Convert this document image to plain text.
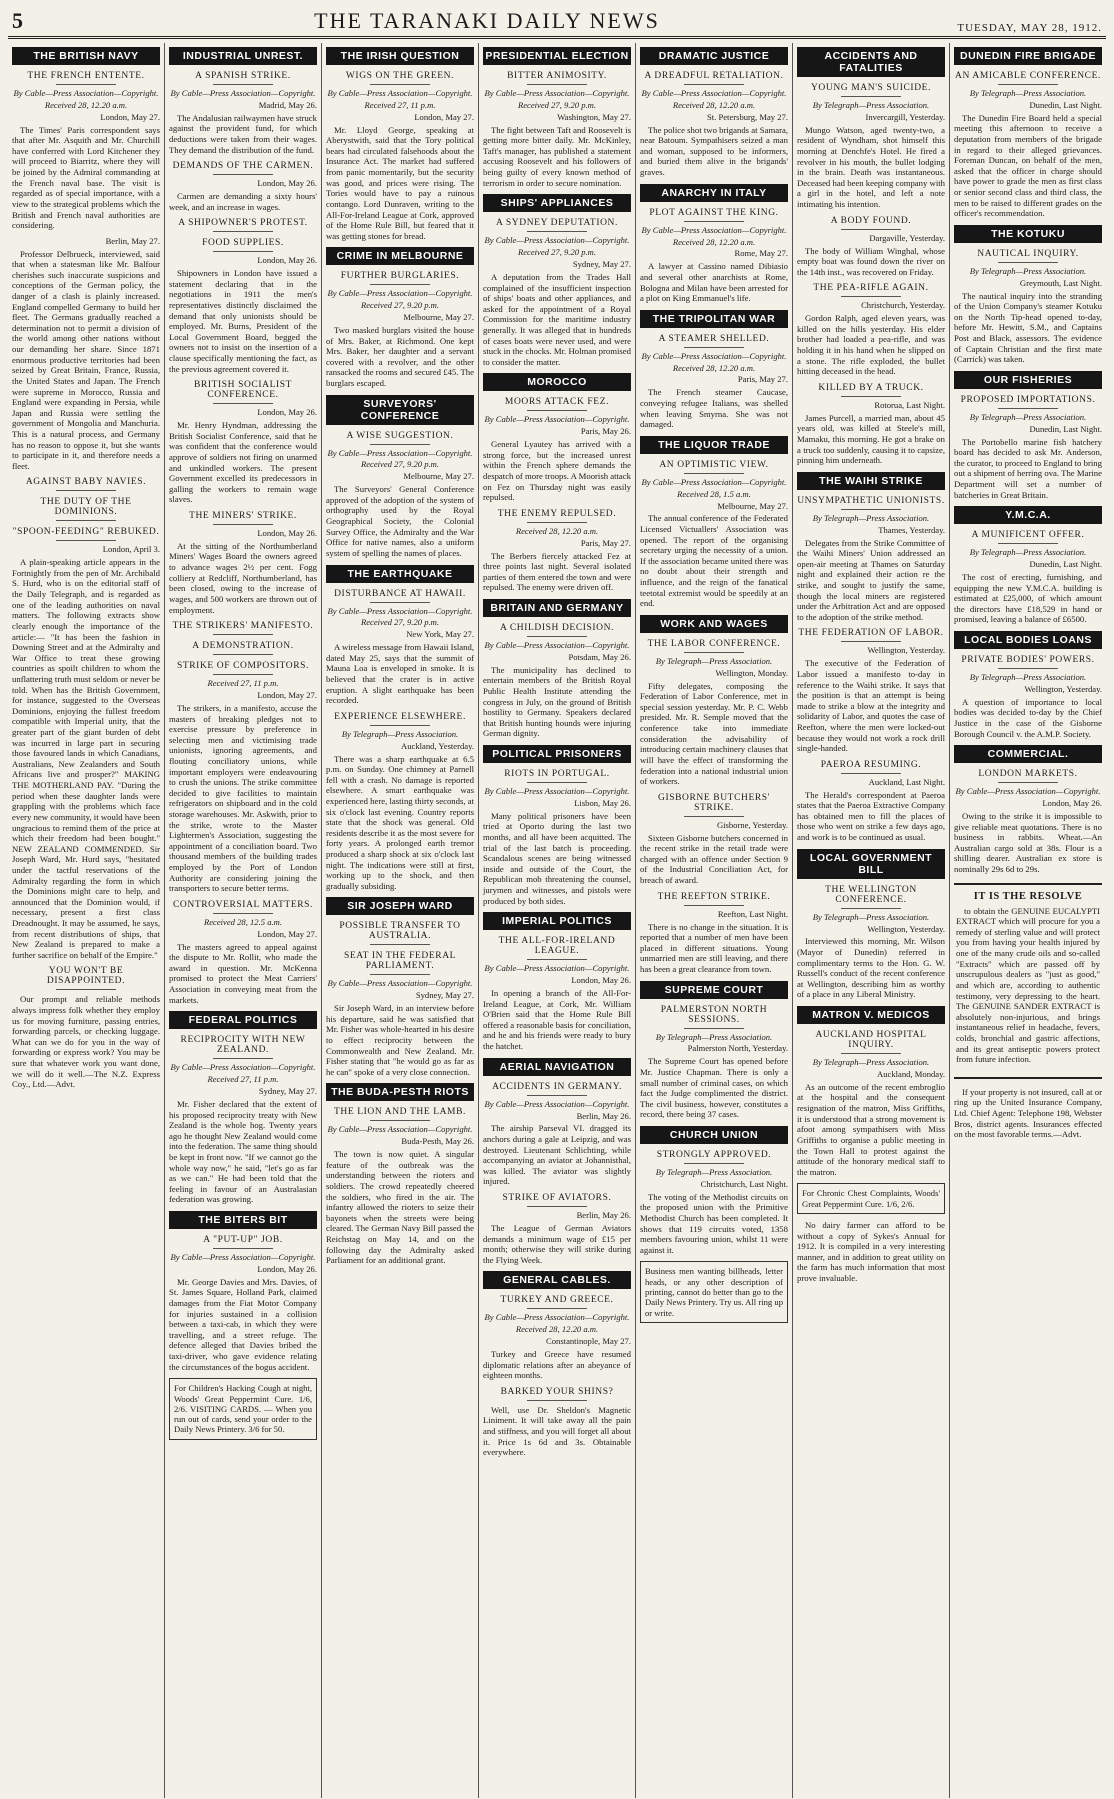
5	THE TARANAKI DAILY NEWS	TUESDAY, MAY 28, 1912.
THE BRITISH NAVY
THE FRENCH ENTENTE.
By Cable—Press Association—Copyright.
Received 28, 12.20 a.m.
London, May 27.
The Times' Paris correspondent says that after Mr. Asquith and Mr. Churchill have conferred with Lord Kitchener they will proceed to Biarritz, where they will be joined by the Admiral commanding at the French naval base. The visit is regarded as of special importance, with a view to the strategical problems which the British and French naval authorities are considering.
Berlin, May 27.
Professor Delbrueck, interviewed, said that when a statesman like Mr. Balfour cherishes such inaccurate suspicions and conceptions of the German policy, the danger of a clash is plainly increased. England compelled Germany to build her fleet. The Germans gradually reached a determination not to permit a division of the world among other nations without our demanding her share. Since 1871 enormous productive territories had been seized by Great Britain, France, Russia, the United States and Japan. The French were supreme in Morocco, Russia and England were expanding in Persia, while Japan and Russia were settling the government of Mongolia and Manchuria. This is a natural process, and Germany has no reason to oppose it, but she wants to participate in it, and therefore needs a fleet.
AGAINST BABY NAVIES.
THE DUTY OF THE DOMINIONS.
"SPOON-FEEDING" REBUKED.
London, April 3.
A plain-speaking article appears in the Fortnightly from the pen of Mr. Archibald S. Hurd, who is on the editorial staff of the Daily Telegraph, and is regarded as one of the leading authorities on naval matters. The following extracts show clearly enough the importance of the article:— "It has been the fashion in Downing Street and at the Admiralty and War Office to treat these growing countries as spoilt children to whom the unflattering truth must seldom or never be told. When has the British Government, for instance, suggested to the Overseas Dominions, enjoying the fullest freedom compatible with Imperial unity, that the greater part of the giant burden of debt was incurred in large part in securing those favoured lands in which Canadians, Australians, New Zealanders and South Africans live and prosper?" MAKING THE MOTHERLAND PAY. "During the period when these daughter lands were grappling with the problems which face every new community, it would have been ungracious to remind them of the price at which their freedom had been bought." NEW ZEALAND COMMENDED. Sir Joseph Ward, Mr. Hurd says, "hesitated under the tactful reservations of the Admiralty regarding the form in which the Dominions might care to help, and announced that the Dominion would, if necessary, present a first class Dreadnought. It may be assumed, he says, from recent distributions of ships, that New Zealand is prepared to make a further sacrifice on behalf of the Empire."
YOU WON'T BE DISAPPOINTED.
Our prompt and reliable methods always impress folk whether they employ us for moving furniture, passing entries, forwarding parcels, or checking luggage. What can we do for you in the way of forwarding or express work? You may be sure that whatever work you want done, we will do it well.—The N.Z. Express Coy., Ltd.—Advt.
INDUSTRIAL UNREST.
A SPANISH STRIKE.
By Cable—Press Association—Copyright.
Madrid, May 26.
The Andalusian railwaymen have struck against the provident fund, for which deductions were taken from their wages. They demand the distribution of the fund.
DEMANDS OF THE CARMEN.
London, May 26.
Carmen are demanding a sixty hours' week, and an increase in wages.
A SHIPOWNER'S PROTEST.
FOOD SUPPLIES.
London, May 26.
Shipowners in London have issued a statement declaring that in the negotiations in 1911 the men's representatives distinctly disclaimed the demand that only unionists should be employed. Mr. Burns, President of the Local Government Board, begged the owners not to insist on the insertion of a clause specifically mentioning the fact, as the previous agreement covered it.
BRITISH SOCIALIST CONFERENCE.
London, May 26.
Mr. Henry Hyndman, addressing the British Socialist Conference, said that he was confident that the conference would approve of soldiers not firing on unarmed and unkindled workers. The present Government excelled its predecessors in galling the workers to remain wage slaves.
THE MINERS' STRIKE.
London, May 26.
At the sitting of the Northumberland Miners' Wages Board the owners agreed to advance wages 2½ per cent. Fogg colliery at Redcliff, Northumberland, has been closed, owing to the increase of wages, and 500 workers are thrown out of employment.
THE STRIKERS' MANIFESTO.
A DEMONSTRATION.
STRIKE OF COMPOSITORS.
Received 27, 11 p.m.
London, May 27.
The strikers, in a manifesto, accuse the masters of breaking pledges not to exercise pressure by preference in selecting men and victimising trade unionists, ignoring agreements, and flouting conciliatory unions, while important employers were endeavouring to crush the unions. The strike committee decided to give facilities to maintain refrigerators on shipboard and in the cold storage warehouses. Mr. Askwith, prior to the strike, wrote to the Master Lightermen's Association, suggesting the appointment of a conciliation board. Two thousand members of the building trades employed by the Port of London Authority are considering joining the transporters to secure better terms.
CONTROVERSIAL MATTERS.
Received 28, 12.5 a.m.
London, May 27.
The masters agreed to appeal against the dispute to Mr. Rollit, who made the award in question. Mr. McKenna promised to protect the Meat Carriers' Association in conveying meat from the markets.
FEDERAL POLITICS
RECIPROCITY WITH NEW ZEALAND.
By Cable—Press Association—Copyright.
Received 27, 11 p.m.
Sydney, May 27.
Mr. Fisher declared that the extent of his proposed reciprocity treaty with New Zealand is the whole hog. Twenty years ago he thought New Zealand would come into the federation. The same thing should be kept in front now. "If we cannot go the whole way now," he said, "let's go as far as we can." He had been told that the feeling in favour of an Australasian federation was growing.
THE BITERS BIT
A "PUT-UP" JOB.
By Cable—Press Association—Copyright.
London, May 26.
Mr. George Davies and Mrs. Davies, of St. James Square, Holland Park, claimed damages from the Fiat Motor Company for injuries sustained in a collision between a taxi-cab, in which they were travelling, and a street refuge. The defence alleged that Davies bribed the taxi-driver, who gave evidence relating the circumstances of the bogus accident.
For Children's Hacking Cough at night, Woods' Great Peppermint Cure. 1/6, 2/6. VISITING CARDS. — When you run out of cards, send your order to the Daily News Printery. 3/6 for 50.
THE IRISH QUESTION
WIGS ON THE GREEN.
By Cable—Press Association—Copyright.
Received 27, 11 p.m.
London, May 27.
Mr. Lloyd George, speaking at Aberystwith, said that the Tory political bears had circulated falsehoods about the Insurance Act. The market had suffered from panic momentarily, but the security was good, and prices were rising. The Tories would have to pay a ruinous contango. Lord Dunraven, writing to the All-For-Ireland League at Cork, approved of the Home Rule Bill, but feared that it was getting stones for bread.
CRIME IN MELBOURNE
FURTHER BURGLARIES.
By Cable—Press Association—Copyright.
Received 27, 9.20 p.m.
Melbourne, May 27.
Two masked burglars visited the house of Mrs. Baker, at Richmond. One kept Mrs. Baker, her daughter and a servant covered with a revolver, and the other ransacked the rooms and secured £45. The burglars escaped.
SURVEYORS' CONFERENCE
A WISE SUGGESTION.
By Cable—Press Association—Copyright.
Received 27, 9.20 p.m.
Melbourne, May 27.
The Surveyors' General Conference approved of the adoption of the system of orthography used by the Royal Geographical Society, the Colonial Survey Office, the Admiralty and the War Office for native names, also a uniform system of spelling the names of places.
THE EARTHQUAKE
DISTURBANCE AT HAWAII.
By Cable—Press Association—Copyright.
Received 27, 9.20 p.m.
New York, May 27.
A wireless message from Hawaii Island, dated May 25, says that the summit of Mauna Loa is enveloped in smoke. It is believed that the crater is in active eruption. A slight earthquake has been recorded.
EXPERIENCE ELSEWHERE.
By Telegraph—Press Association.
Auckland, Yesterday.
There was a sharp earthquake at 6.5 p.m. on Sunday. One chimney at Parnell fell with a crash. No damage is reported elsewhere. A smart earthquake was experienced here, lasting thirty seconds, at six o'clock last evening. Country reports state that the shock was general. Old residents describe it as the most severe for forty years. A prolonged earth tremor produced a sharp shock at six o'clock last night. The indications were still at first, working up to the shock, and then gradually subsiding.
SIR JOSEPH WARD
POSSIBLE TRANSFER TO AUSTRALIA.
SEAT IN THE FEDERAL PARLIAMENT.
By Cable—Press Association—Copyright.
Sydney, May 27.
Sir Joseph Ward, in an interview before his departure, said he was satisfied that Mr. Fisher was whole-hearted in his desire to effect reciprocity between the Commonwealth and New Zealand. Mr. Fisher stating that "he would go as far as he can" spoke of a very close connection.
THE BUDA-PESTH RIOTS
THE LION AND THE LAMB.
By Cable—Press Association—Copyright.
Buda-Pesth, May 26.
The town is now quiet. A singular feature of the outbreak was the understanding between the rioters and soldiers. The crowd repeatedly cheered the soldiers, who fired in the air. The infantry allowed the rioters to seize their bayonets when the streets were being cleared. The German Navy Bill passed the Reichstag on May 14, and on the following day the Admiralty asked Parliament for an additional grant.
PRESIDENTIAL ELECTION
BITTER ANIMOSITY.
By Cable—Press Association—Copyright.
Received 27, 9.20 p.m.
Washington, May 27.
The fight between Taft and Roosevelt is getting more bitter daily. Mr. McKinley, Taft's manager, has published a statement accusing Roosevelt and his followers of being guilty of every known method of terrorism in order to secure nomination.
SHIPS' APPLIANCES
A SYDNEY DEPUTATION.
By Cable—Press Association—Copyright.
Received 27, 9.20 p.m.
Sydney, May 27.
A deputation from the Trades Hall complained of the insufficient inspection of ships' boats and other appliances, and asked for the appointment of a Royal Commission for the maritime industry generally. It was alleged that in hundreds of cases boats were never used, and were stuck in the chocks. Mr. Holman promised to consider the matter.
MOROCCO
MOORS ATTACK FEZ.
By Cable—Press Association—Copyright.
Paris, May 26.
General Lyautey has arrived with a strong force, but the increased unrest within the French sphere demands the despatch of more troops. A Moorish attack on Fez on Thursday night was easily repulsed.
THE ENEMY REPULSED.
Received 28, 12.20 a.m.
Paris, May 27.
The Berbers fiercely attacked Fez at three points last night. Several isolated parties of them entered the town and were repulsed. The enemy were driven off.
BRITAIN AND GERMANY
A CHILDISH DECISION.
By Cable—Press Association—Copyright.
Potsdam, May 26.
The municipality has declined to entertain members of the British Royal Public Health Institute attending the congress in July, on the ground of British hostility to Germany. Speakers declared that British hunting hounds were injuring German dignity.
POLITICAL PRISONERS
RIOTS IN PORTUGAL.
By Cable—Press Association—Copyright.
Lisbon, May 26.
Many political prisoners have been tried at Oporto during the last two months, and all have been acquitted. The trial of the last batch is proceeding. Scandalous scenes are being witnessed inside and outside of the Court, the Republican mob threatening the counsel, jurymen and witnesses, and pistols were produced by both sides.
IMPERIAL POLITICS
THE ALL-FOR-IRELAND LEAGUE.
By Cable—Press Association—Copyright.
London, May 26.
In opening a branch of the All-For-Ireland League, at Cork, Mr. William O'Brien said that the Home Rule Bill offered a reasonable basis for conciliation, and he and his friends were ready to bury the hatchet.
AERIAL NAVIGATION
ACCIDENTS IN GERMANY.
By Cable—Press Association—Copyright.
Berlin, May 26.
The airship Parseval VI. dragged its anchors during a gale at Leipzig, and was destroyed. Lieutenant Schlichting, while accompanying an aviator at Johannisthal, was killed. The aviator was slightly injured.
STRIKE OF AVIATORS.
Berlin, May 26.
The League of German Aviators demands a minimum wage of £15 per month; otherwise they will strike during the Flying Week.
GENERAL CABLES.
TURKEY AND GREECE.
By Cable—Press Association—Copyright.
Received 28, 12.20 a.m.
Constantinople, May 27.
Turkey and Greece have resumed diplomatic relations after an abeyance of eighteen months.
BARKED YOUR SHINS?
Well, use Dr. Sheldon's Magnetic Liniment. It will take away all the pain and stiffness, and you will forget all about it. Price 1s 6d and 3s. Obtainable everywhere.
DRAMATIC JUSTICE
A DREADFUL RETALIATION.
By Cable—Press Association—Copyright.
Received 28, 12.20 a.m.
St. Petersburg, May 27.
The police shot two brigands at Samara, near Batoum. Sympathisers seized a man and woman, supposed to be informers, and buried them alive in the brigands' graves.
ANARCHY IN ITALY
PLOT AGAINST THE KING.
By Cable—Press Association—Copyright.
Received 28, 12.20 a.m.
Rome, May 27.
A lawyer at Cassino named Dibiasio and several other anarchists at Rome, Bologna and Milan have been arrested for a plot on King Emmanuel's life.
THE TRIPOLITAN WAR
A STEAMER SHELLED.
By Cable—Press Association—Copyright.
Received 28, 12.20 a.m.
Paris, May 27.
The French steamer Caucase, conveying refugee Italians, was shelled when leaving Smyrna. She was not damaged.
THE LIQUOR TRADE
AN OPTIMISTIC VIEW.
By Cable—Press Association—Copyright.
Received 28, 1.5 a.m.
Melbourne, May 27.
The annual conference of the Federated Licensed Victuallers' Association was opened. The report of the organising secretary urging the necessity of a union. If the association became united there was no doubt about their strength and influence, and the reign of the fanatical teetotal extremist would be speedily at an end.
WORK AND WAGES
THE LABOR CONFERENCE.
By Telegraph—Press Association.
Wellington, Monday.
Fifty delegates, composing the Federation of Labor Conference, met in special session yesterday. Mr. P. C. Webb presided. Mr. R. Semple moved that the conference take into immediate consideration the advisability of introducing certain machinery clauses that will have the effect of transforming the federation into a national industrial union of workers.
GISBORNE BUTCHERS' STRIKE.
Gisborne, Yesterday.
Sixteen Gisborne butchers concerned in the recent strike in the retail trade were charged with an offence under Section 9 of the Industrial Conciliation Act, for breach of award.
THE REEFTON STRIKE.
Reefton, Last Night.
There is no change in the situation. It is reported that a number of men have been placed in different situations. Young unmarried men are still leaving, and there has been a great clearance from town.
SUPREME COURT
PALMERSTON NORTH SESSIONS.
By Telegraph—Press Association.
Palmerston North, Yesterday.
The Supreme Court has opened before Mr. Justice Chapman. There is only a small number of criminal cases, on which fact the Judge complimented the district. The civil business, however, constitutes a record, there being 37 cases.
CHURCH UNION
STRONGLY APPROVED.
By Telegraph—Press Association.
Christchurch, Last Night.
The voting of the Methodist circuits on the proposed union with the Primitive Methodist Church has been completed. It shows that 119 circuits voted, 1358 members favouring union, whilst 11 were against it.
Business men wanting billheads, letter heads, or any other description of printing, cannot do better than go to the Daily News Printery. Try us. All ring up or write.
ACCIDENTS AND FATALITIES
YOUNG MAN'S SUICIDE.
By Telegraph—Press Association.
Invercargill, Yesterday.
Mungo Watson, aged twenty-two, a resident of Wyndham, shot himself this morning at Denchfe's Hotel. He fired a revolver in his mouth, the bullet lodging in the brain. Death was instantaneous. Deceased had been keeping company with a girl in the hotel, and left a note intimating his intention.
A BODY FOUND.
Dargaville, Yesterday.
The body of William Winghal, whose empty boat was found down the river on the 14th inst., was recovered on Friday.
THE PEA-RIFLE AGAIN.
Christchurch, Yesterday.
Gordon Ralph, aged eleven years, was killed on the hills yesterday. His elder brother had loaded a pea-rifle, and was holding it in his hand when he slipped on a stone. The rifle exploded, the bullet hitting deceased in the head.
KILLED BY A TRUCK.
Rotorua, Last Night.
James Purcell, a married man, about 45 years old, was killed at Steele's mill, Mamaku, this morning. He got a brake on a truck too suddenly, causing it to capsize, pinning him underneath.
THE WAIHI STRIKE
UNSYMPATHETIC UNIONISTS.
By Telegraph—Press Association.
Thames, Yesterday.
Delegates from the Strike Committee of the Waihi Miners' Union addressed an open-air meeting at Thames on Saturday night and explained their action re the strike, and sought to justify the same, though the local miners are registered under the Arbitration Act and are opposed to the adoption of the strike method.
THE FEDERATION OF LABOR.
Wellington, Yesterday.
The executive of the Federation of Labor issued a manifesto to-day in reference to the Waihi strike. It says that the position is that an attempt is being made to strike a blow at the integrity and solidarity of Labor, and quotes the case of Reefton, where the men were locked-out because they would not work a rock drill single-handed.
PAEROA RESUMING.
Auckland, Last Night.
The Herald's correspondent at Paeroa states that the Paeroa Extractive Company has obtained men to fill the places of those who went on strike a few days ago, and work is to be continued as usual.
LOCAL GOVERNMENT BILL
THE WELLINGTON CONFERENCE.
By Telegraph—Press Association.
Wellington, Yesterday.
Interviewed this morning, Mr. Wilson (Mayor of Dunedin) referred in complimentary terms to the Hon. G. W. Russell's conduct of the recent conference at Wellington, describing him as worthy of a place in any Liberal Ministry.
MATRON V. MEDICOS
AUCKLAND HOSPITAL INQUIRY.
By Telegraph—Press Association.
Auckland, Monday.
As an outcome of the recent embroglio at the hospital and the consequent resignation of the matron, Miss Griffiths, it is understood that a strong movement is afoot among sympathisers with Miss Griffiths to organise a public meeting in the Town Hall to protest against the attitude of the honorary medical staff to the matron.
For Chronic Chest Complaints, Woods' Great Peppermint Cure. 1/6, 2/6.
No dairy farmer can afford to be without a copy of Sykes's Annual for 1912. It is compiled in a very interesting manner, and in addition to great utility on the farm has much information that most prove invaluable.
DUNEDIN FIRE BRIGADE
AN AMICABLE CONFERENCE.
By Telegraph—Press Association.
Dunedin, Last Night.
The Dunedin Fire Board held a special meeting this afternoon to receive a deputation from members of the brigade in regard to their alleged grievances. Foreman Duncan, on behalf of the men, asked that the officer in charge should have power to grade the men as first class or senior second class and third class, the men to be raised to different grades on the officer's recommendation.
THE KOTUKU
NAUTICAL INQUIRY.
By Telegraph—Press Association.
Greymouth, Last Night.
The nautical inquiry into the stranding of the Union Company's steamer Kotuku on the North Tip-head opened to-day, before Mr. Hewitt, S.M., and Captains Post and Black, assessors. The evidence of Captain Christian and the first mate (Carrick) was taken.
OUR FISHERIES
PROPOSED IMPORTATIONS.
By Telegraph—Press Association.
Dunedin, Last Night.
The Portobello marine fish hatchery board has decided to ask Mr. Anderson, the curator, to proceed to England to bring out a shipment of herring ova. The Marine Department will set a number of batcheries in Great Britain.
Y.M.C.A.
A MUNIFICENT OFFER.
By Telegraph—Press Association.
Dunedin, Last Night.
The cost of erecting, furnishing, and equipping the new Y.M.C.A. building is estimated at £25,000, of which amount the directors have £18,529 in hand or promised, leaving a balance of £6500.
LOCAL BODIES LOANS
PRIVATE BODIES' POWERS.
By Telegraph—Press Association.
Wellington, Yesterday.
A question of importance to local bodies was decided to-day by the Chief Justice in the case of the Gisborne Borough Council v. the A.M.P. Society.
COMMERCIAL.
LONDON MARKETS.
By Cable—Press Association—Copyright.
London, May 26.
Owing to the strike it is impossible to give reliable meat quotations. There is no business in rabbits. Wheat.—An Australian cargo sold at 38s. Flour is a shilling dearer. Australian ex store is nominally 29s 6d to 29s.
IT IS THE RESOLVE
to obtain the GENUINE EUCALYPTI EXTRACT which will procure for you a remedy of sterling value and will protect you from having your health injured by one of the many crude oils and so-called "Extracts" which are passed off by unscrupulous dealers as "just as good," and which are, according to authentic testimony, very depressing to the heart. The GENUINE SANDER EXTRACT is absolutely non-injurious, and brings instantaneous relief in headache, fevers, colds, bronchial and gastric affections, and its great antiseptic powers protect from future infection.
If your property is not insured, call at or ring up the United Insurance Company, Ltd. Chief Agent: Telephone 198, Webster Bros, district agents. Insurances effected on the most favorable terms.—Advt.
